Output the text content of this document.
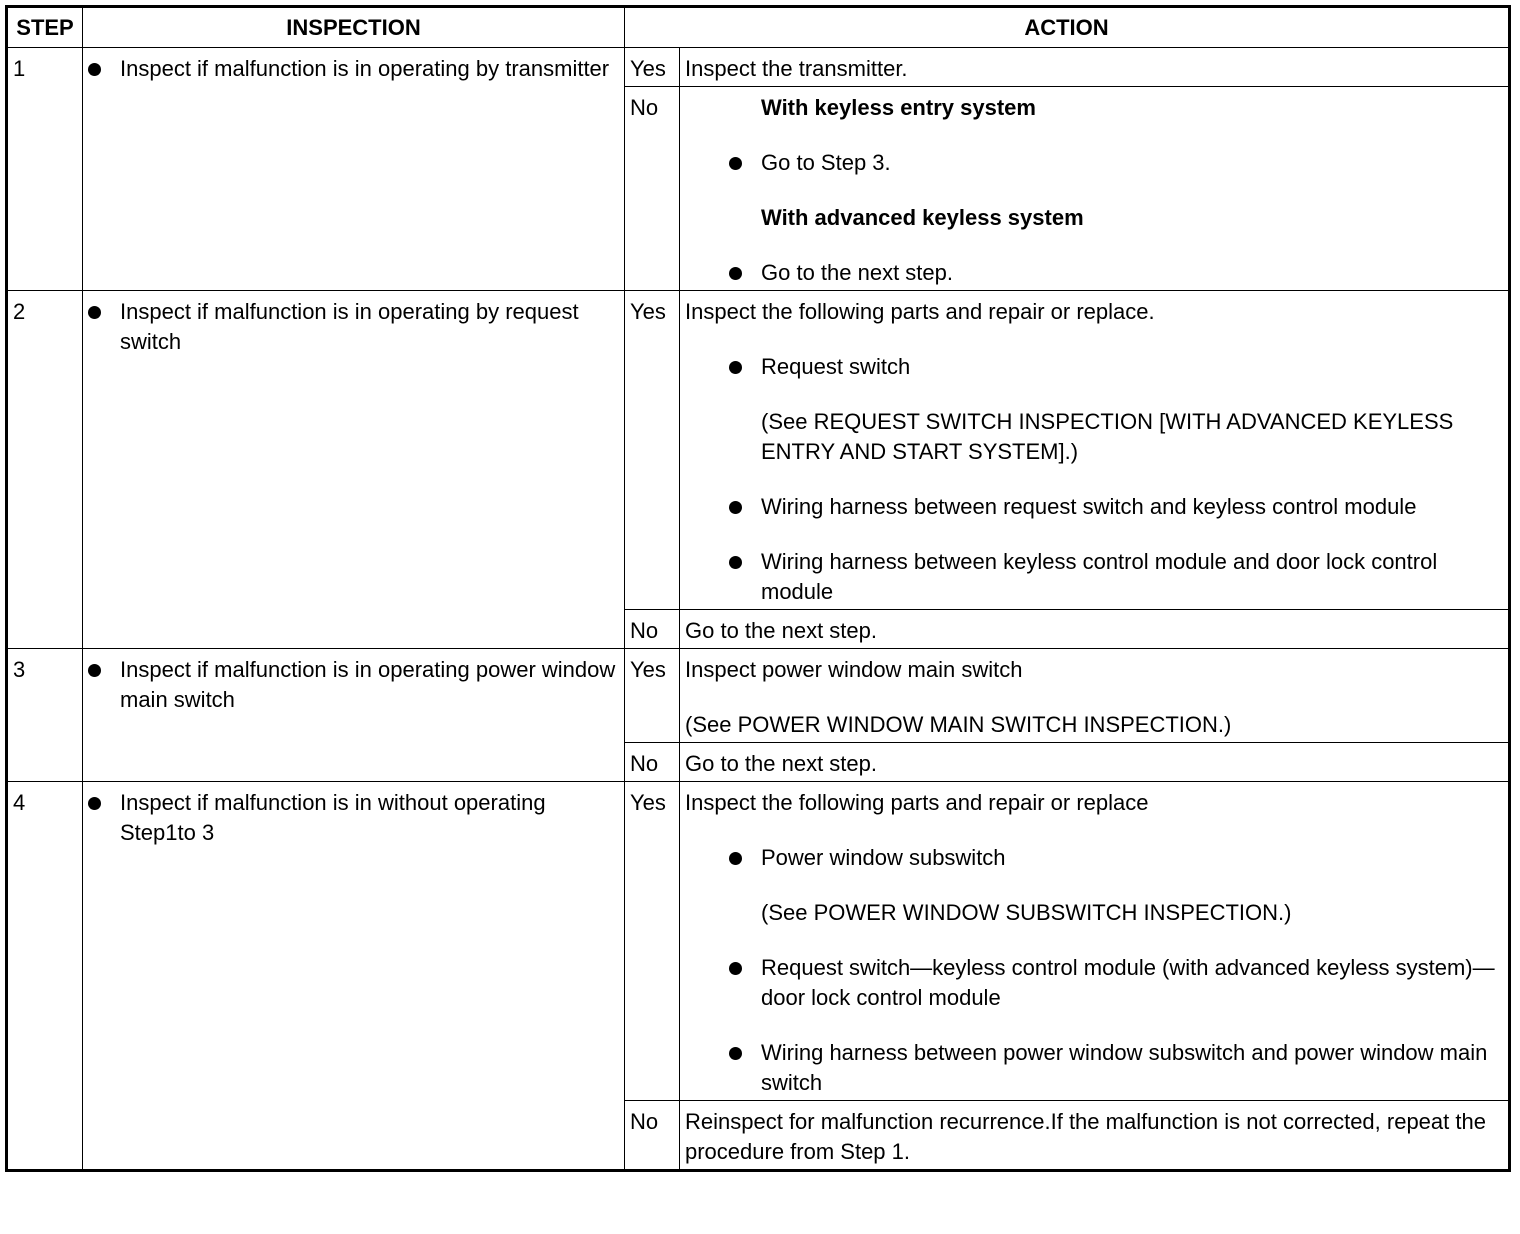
STEP	INSPECTION	ACTION	
1	Inspect if malfunction is in operating by transmitter	Yes	Inspect the transmitter.
		No	With keyless entry system
Go to Step 3.
With advanced keyless system
Go to the next step.

2	Inspect if malfunction is in operating by request switch	Yes	Inspect the following parts and repair or replace.
Request switch
(See REQUEST SWITCH INSPECTION [WITH ADVANCED KEYLESS ENTRY AND START SYSTEM].)
Wiring harness between request switch and keyless control module
Wiring harness between keyless control module and door lock control module

		No	Go to the next step.
3	Inspect if malfunction is in operating power window main switch	Yes	Inspect power window main switch
(See POWER WINDOW MAIN SWITCH INSPECTION.)

		No	Go to the next step.
4	Inspect if malfunction is in without operating Step1to 3	Yes	Inspect the following parts and repair or replace
Power window subswitch
(See POWER WINDOW SUBSWITCH INSPECTION.)
Request switch—keyless control module (with advanced keyless system)—door lock control module
Wiring harness between power window subswitch and power window main switch

		No	Reinspect for malfunction recurrence.If the malfunction is not corrected, repeat the procedure from Step 1.
